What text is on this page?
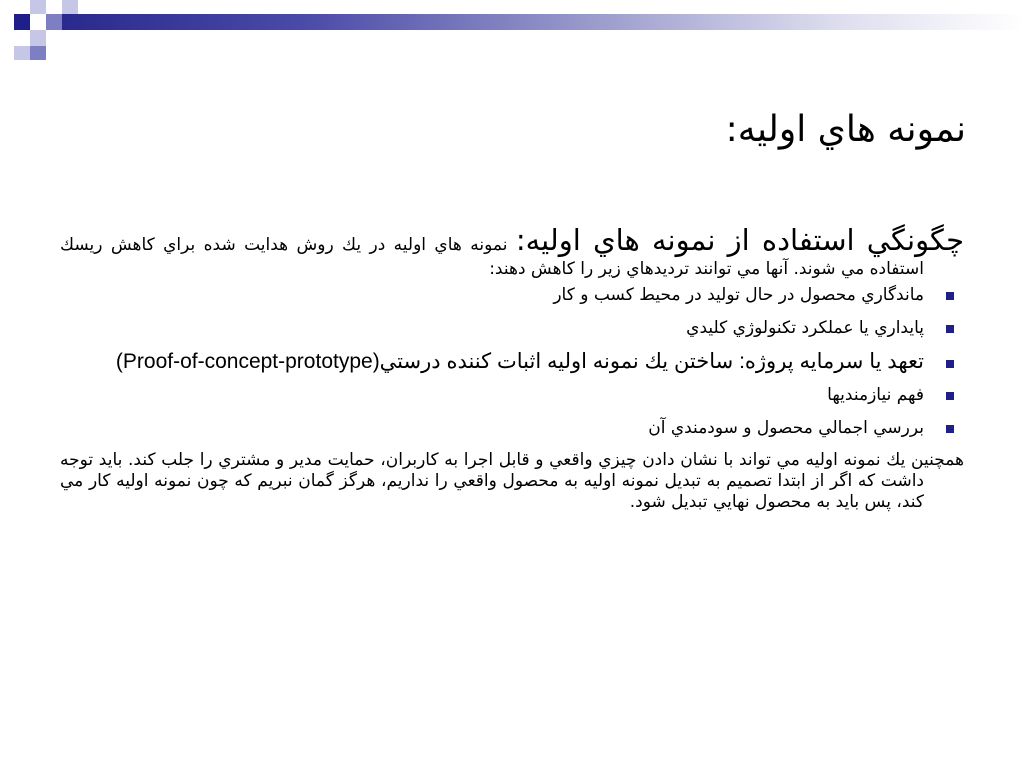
نمونه هاي اوليه:

چگونگي استفاده از نمونه هاي اوليه: نمونه هاي اوليه در يك روش هدايت شده براي كاهش ريسك استفاده مي شوند. آنها مي توانند ترديدهاي زير را كاهش دهند:

ماندگاري محصول در حال توليد در محيط كسب و كار
پايداري يا عملكرد تكنولوژي كليدي
تعهد يا سرمايه پروژه: ساختن يك نمونه اوليه اثبات كننده درستي(Proof-of-concept-prototype)
فهم نيازمنديها
بررسي اجمالي محصول و سودمندي آن

همچنين يك نمونه اوليه مي تواند با نشان دادن چيزي واقعي و قابل اجرا به كاربران، حمايت مدير و مشتري را جلب كند. بايد توجه داشت كه اگر از ابتدا تصميم به تبديل نمونه اوليه به محصول واقعي را نداريم، هرگز گمان نبريم كه چون نمونه اوليه كار مي كند، پس بايد به محصول نهايي تبديل شود.
